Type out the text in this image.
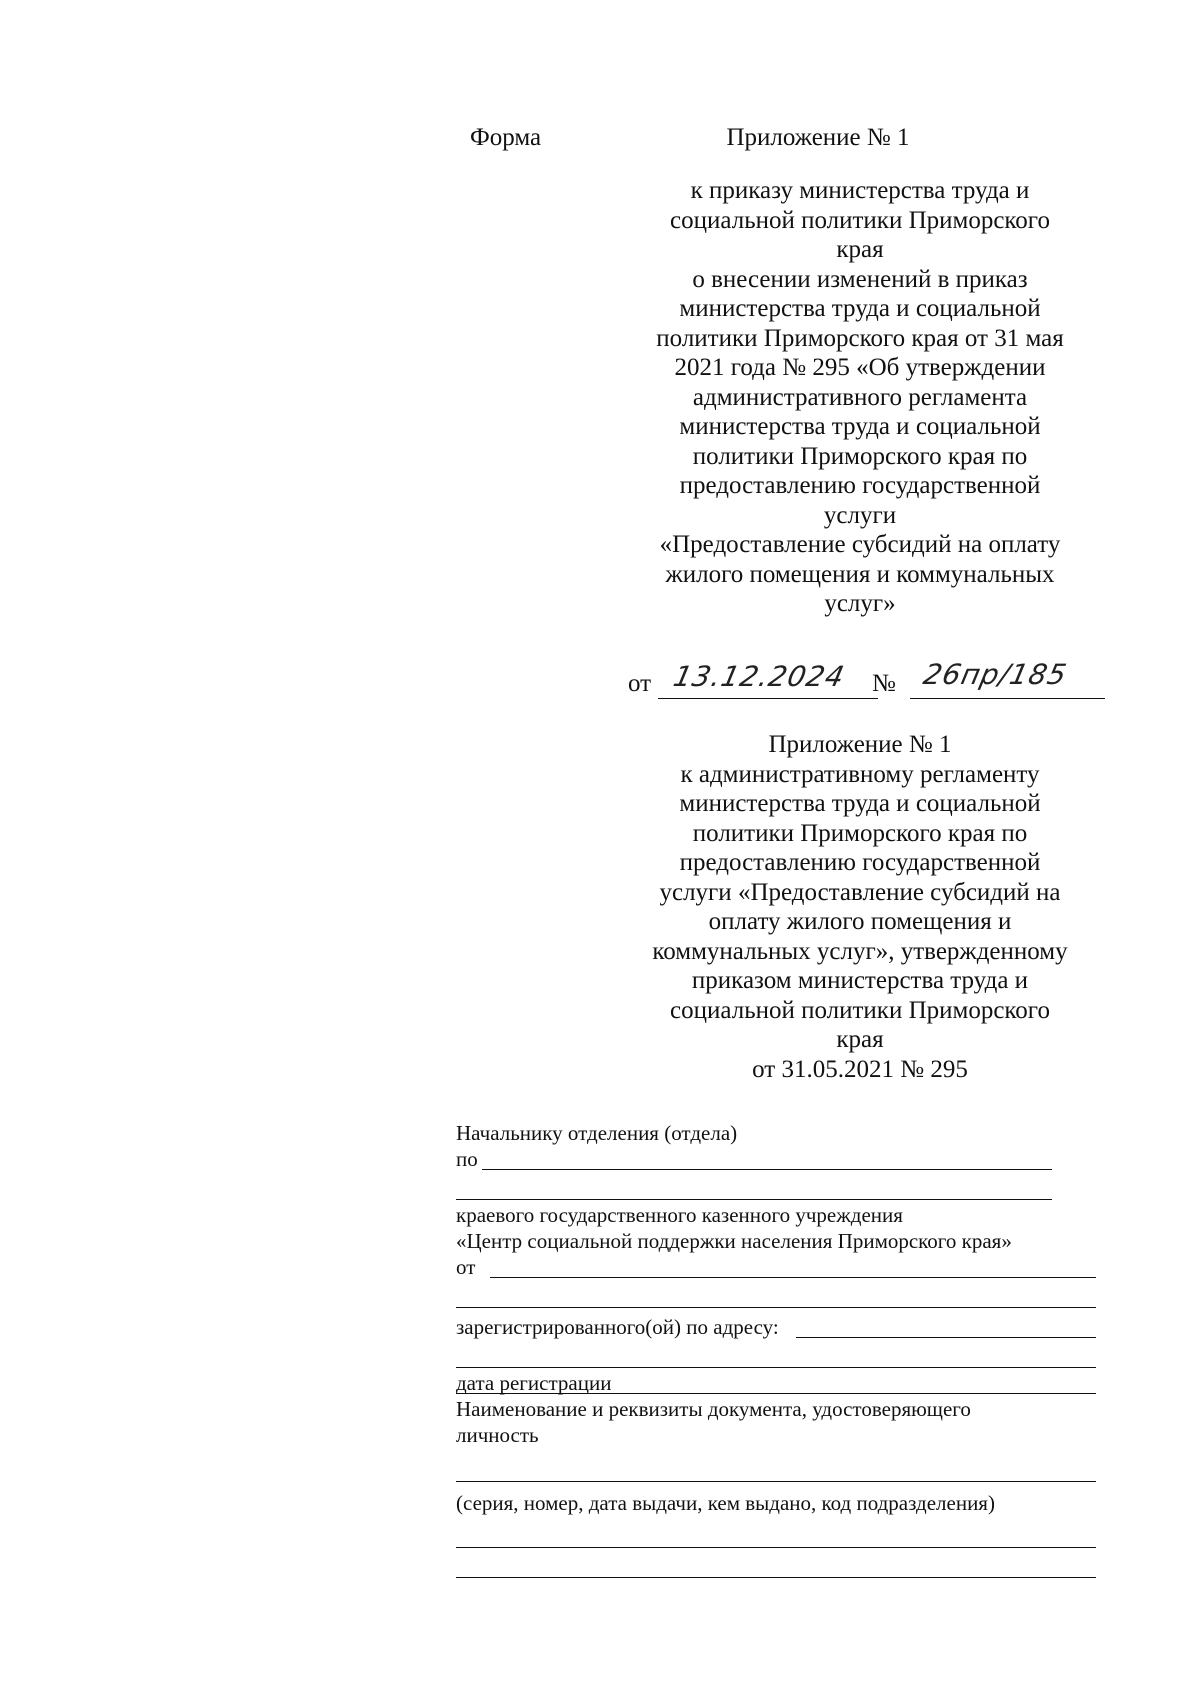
Форма	Приложение № 1
к приказу министерства труда и
социальной политики Приморского
края
о внесении изменений в приказ
министерства труда и социальной
политики Приморского края от 31 мая
2021 года № 295 «Об утверждении
административного регламента
министерства труда и социальной
политики Приморского края по
предоставлению государственной
услуги
«Предоставление субсидий на оплату
жилого помещения и коммунальных
услуг»
от 13.12.2024 № 26пр/185
Приложение № 1
к административному регламенту
министерства труда и социальной
политики Приморского края по
предоставлению государственной
услуги «Предоставление субсидий на
оплату жилого помещения и
коммунальных услуг», утвержденному
приказом министерства труда и
социальной политики Приморского
края
от 31.05.2021 № 295
Начальнику отделения (отдела)
по
краевого государственного казенного учреждения
«Центр социальной поддержки населения Приморского края»
от
зарегистрированного(ой) по адресу:
дата регистрации
Наименование и реквизиты документа, удостоверяющего
личность
(серия, номер, дата выдачи, кем выдано, код подразделения)
